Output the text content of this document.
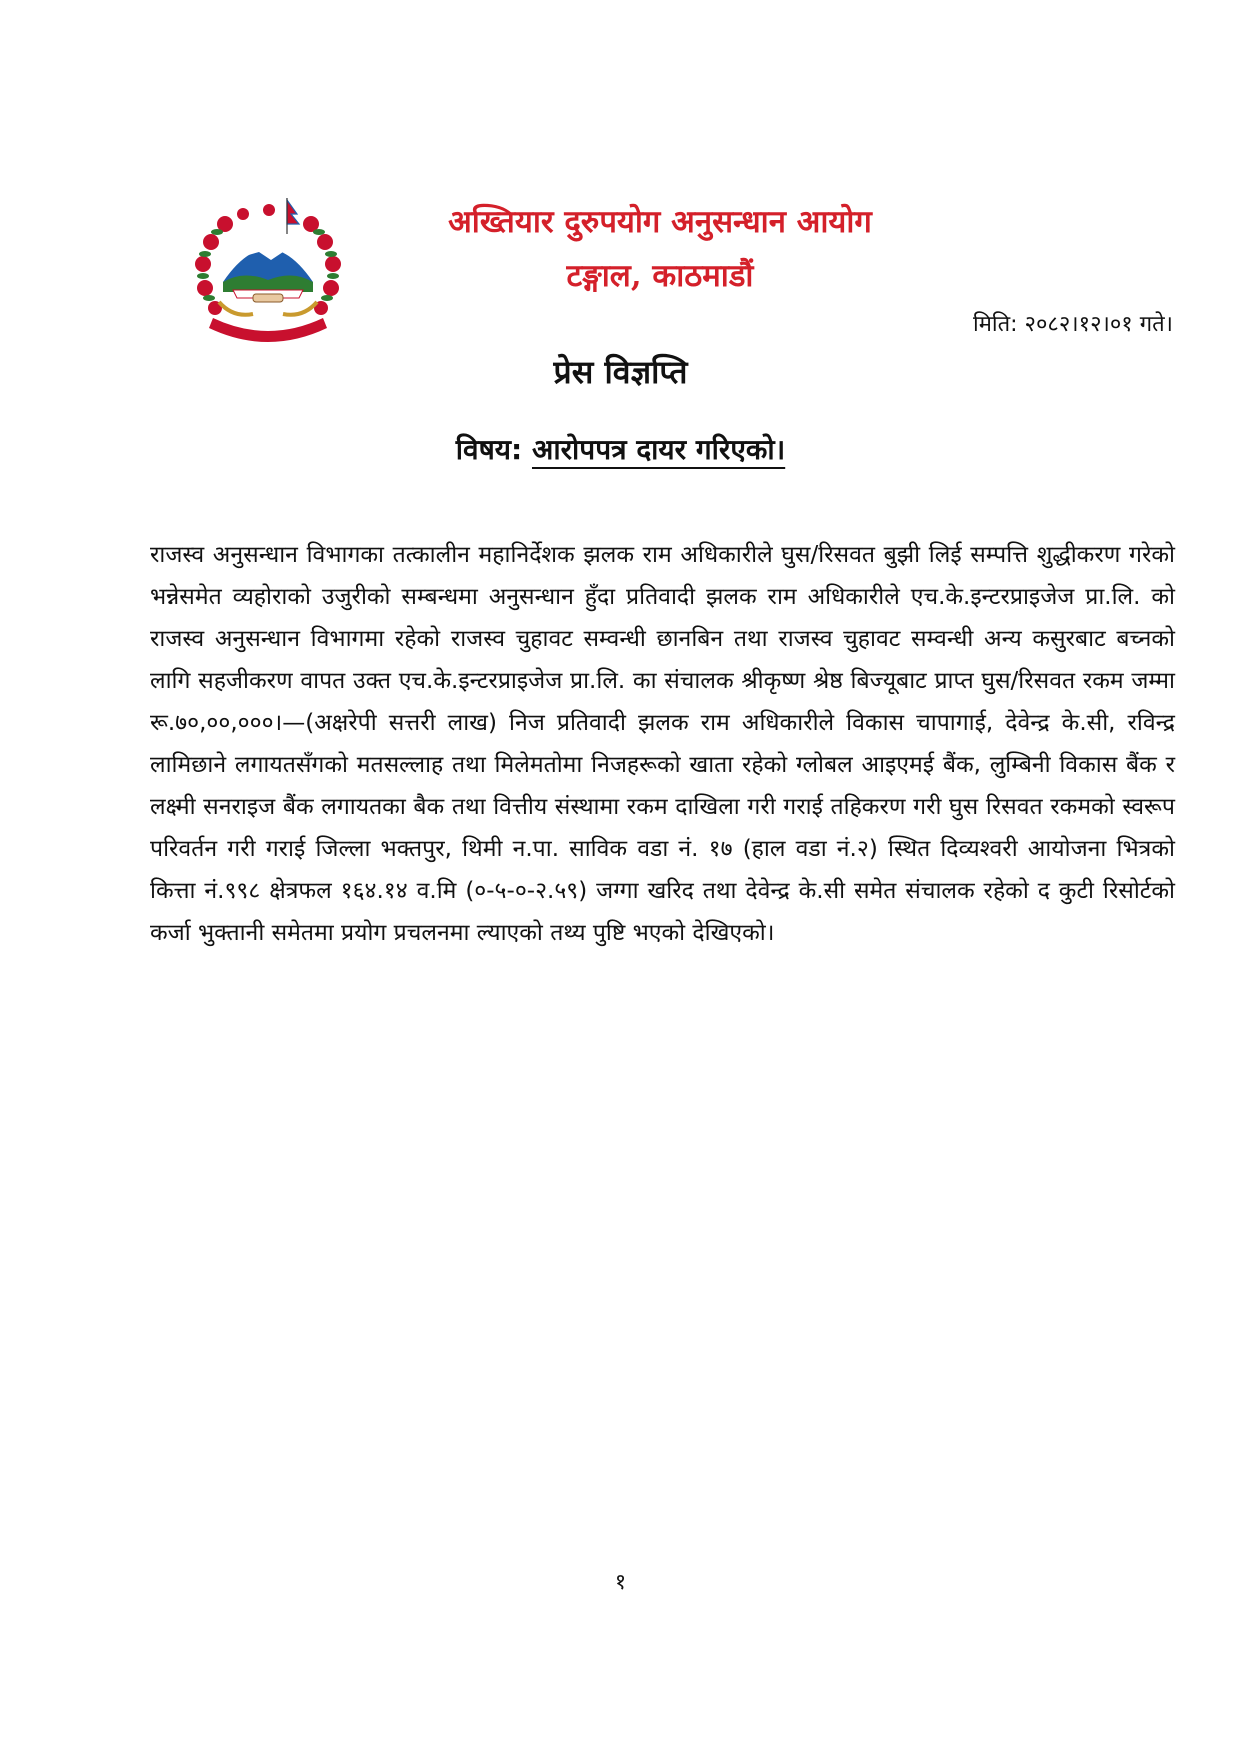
अख्तियार दुरुपयोग अनुसन्धान आयोग
टङ्गाल, काठमाडौं
मिति: २०८२।१२।०१ गते।
प्रेस विज्ञप्ति
विषय: आरोपपत्र दायर गरिएको।

राजस्व अनुसन्धान विभागका तत्कालीन महानिर्देशक झलक राम अधिकारीले घुस/रिसवत बुझी लिई सम्पत्ति शुद्धीकरण गरेको भन्नेसमेत व्यहोराको उजुरीको सम्बन्धमा अनुसन्धान हुँदा प्रतिवादी झलक राम अधिकारीले एच.के.इन्टरप्राइजेज प्रा.लि. को राजस्व अनुसन्धान विभागमा रहेको राजस्व चुहावट सम्वन्धी छानबिन तथा राजस्व चुहावट सम्वन्धी अन्य कसुरबाट बच्नको लागि सहजीकरण वापत उक्त एच.के.इन्टरप्राइजेज प्रा.लि. का संचालक श्रीकृष्ण श्रेष्ठ बिज्यूबाट प्राप्त घुस/रिसवत रकम जम्मा रू.७०,००,०००।—(अक्षरेपी सत्तरी लाख) निज प्रतिवादी झलक राम अधिकारीले विकास चापागाई, देवेन्द्र के.सी, रविन्द्र लामिछाने लगायतसँगको मतसल्लाह तथा मिलेमतोमा निजहरूको खाता रहेको ग्लोबल आइएमई बैंक, लुम्बिनी विकास बैंक र लक्ष्मी सनराइज बैंक लगायतका बैक तथा वित्तीय संस्थामा रकम दाखिला गरी गराई तहिकरण गरी घुस रिसवत रकमको स्वरूप परिवर्तन गरी गराई जिल्ला भक्तपुर, थिमी न.पा. साविक वडा नं. १७ (हाल वडा नं.२) स्थित दिव्यश्वरी आयोजना भित्रको कित्ता नं.९९८ क्षेत्रफल १६४.१४ व.मि (०-५-०-२.५९) जग्गा खरिद तथा देवेन्द्र के.सी समेत संचालक रहेको द कुटी रिसोर्टको कर्जा भुक्तानी समेतमा प्रयोग प्रचलनमा ल्याएको तथ्य पुष्टि भएको देखिएको।

१
